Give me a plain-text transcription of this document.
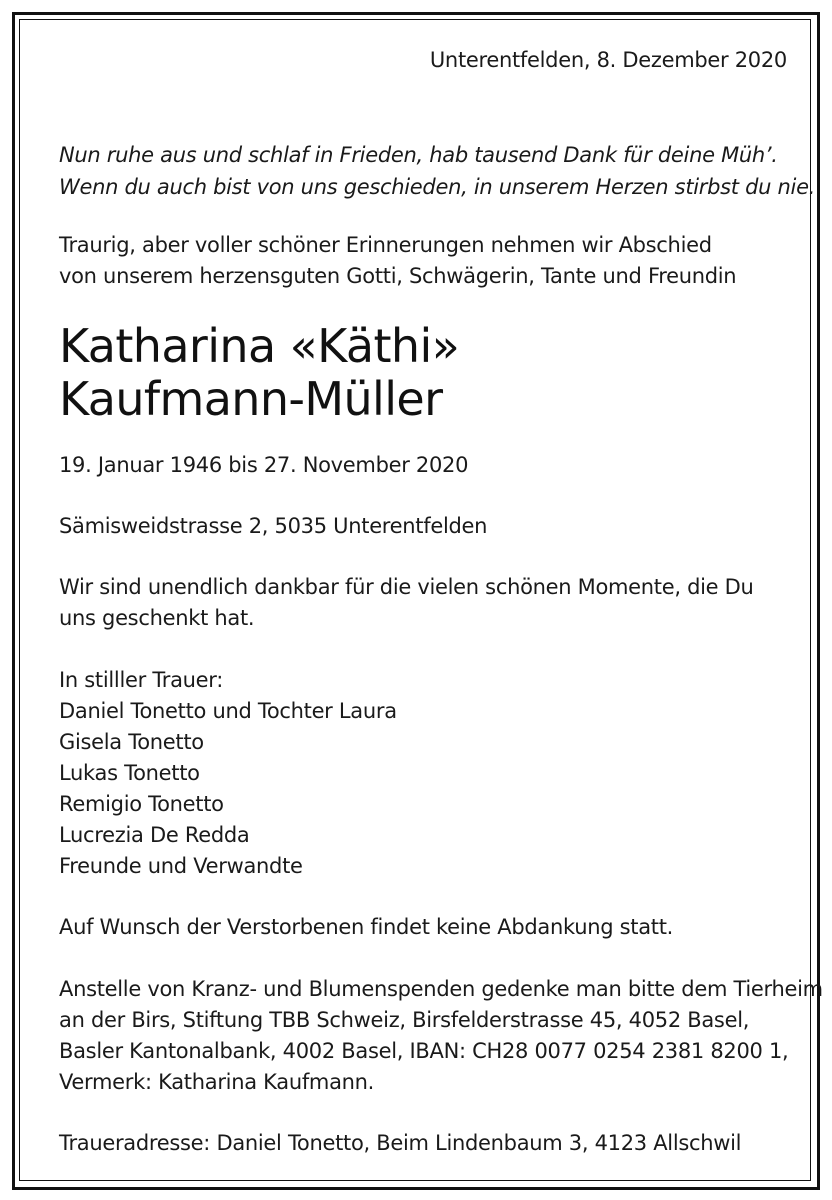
Unterentfelden, 8. Dezember 2020

Nun ruhe aus und schlaf in Frieden, hab tausend Dank für deine Müh’.
Wenn du auch bist von uns geschieden, in unserem Herzen stirbst du nie.

Traurig, aber voller schöner Erinnerungen nehmen wir Abschied
von unserem herzensguten Gotti, Schwägerin, Tante und Freundin

Katharina «Käthi»
Kaufmann-Müller

19. Januar 1946 bis 27. November 2020

Sämisweidstrasse 2, 5035 Unterentfelden

Wir sind unendlich dankbar für die vielen schönen Momente, die Du
uns geschenkt hat.

In stilller Trauer:
Daniel Tonetto und Tochter Laura
Gisela Tonetto
Lukas Tonetto
Remigio Tonetto
Lucrezia De Redda
Freunde und Verwandte

Auf Wunsch der Verstorbenen findet keine Abdankung statt.

Anstelle von Kranz- und Blumenspenden gedenke man bitte dem Tierheim
an der Birs, Stiftung TBB Schweiz, Birsfelderstrasse 45, 4052 Basel,
Basler Kantonalbank, 4002 Basel, IBAN: CH28 0077 0254 2381 8200 1,
Vermerk: Katharina Kaufmann.

Traueradresse: Daniel Tonetto, Beim Lindenbaum 3, 4123 Allschwil
